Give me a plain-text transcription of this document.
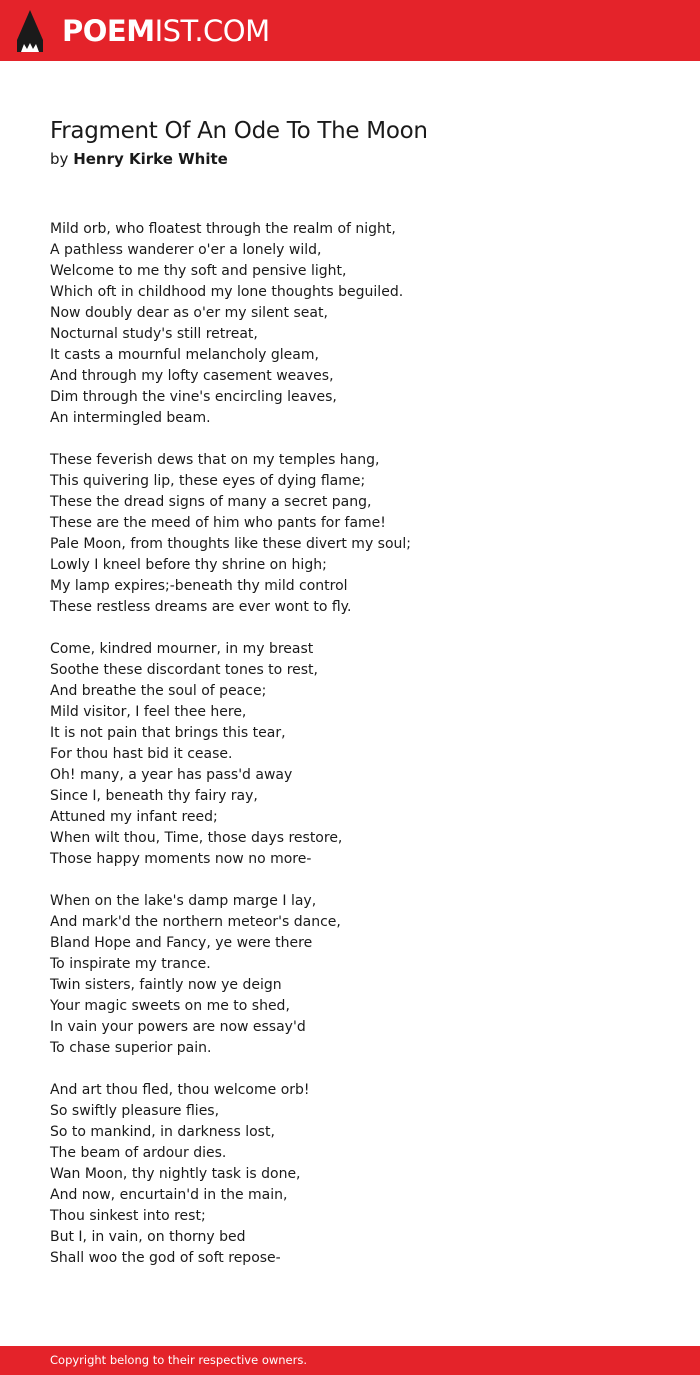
POEMIST.COM
Fragment Of An Ode To The Moon
by Henry Kirke White
Mild orb, who floatest through the realm of night,
A pathless wanderer o'er a lonely wild,
Welcome to me thy soft and pensive light,
Which oft in childhood my lone thoughts beguiled.
Now doubly dear as o'er my silent seat,
Nocturnal study's still retreat,
It casts a mournful melancholy gleam,
And through my lofty casement weaves,
Dim through the vine's encircling leaves,
An intermingled beam.
These feverish dews that on my temples hang,
This quivering lip, these eyes of dying flame;
These the dread signs of many a secret pang,
These are the meed of him who pants for fame!
Pale Moon, from thoughts like these divert my soul;
Lowly I kneel before thy shrine on high;
My lamp expires;-beneath thy mild control
These restless dreams are ever wont to fly.
Come, kindred mourner, in my breast
Soothe these discordant tones to rest,
And breathe the soul of peace;
Mild visitor, I feel thee here,
It is not pain that brings this tear,
For thou hast bid it cease.
Oh! many, a year has pass'd away
Since I, beneath thy fairy ray,
Attuned my infant reed;
When wilt thou, Time, those days restore,
Those happy moments now no more-
When on the lake's damp marge I lay,
And mark'd the northern meteor's dance,
Bland Hope and Fancy, ye were there
To inspirate my trance.
Twin sisters, faintly now ye deign
Your magic sweets on me to shed,
In vain your powers are now essay'd
To chase superior pain.
And art thou fled, thou welcome orb!
So swiftly pleasure flies,
So to mankind, in darkness lost,
The beam of ardour dies.
Wan Moon, thy nightly task is done,
And now, encurtain'd in the main,
Thou sinkest into rest;
But I, in vain, on thorny bed
Shall woo the god of soft repose-
Copyright belong to their respective owners.
